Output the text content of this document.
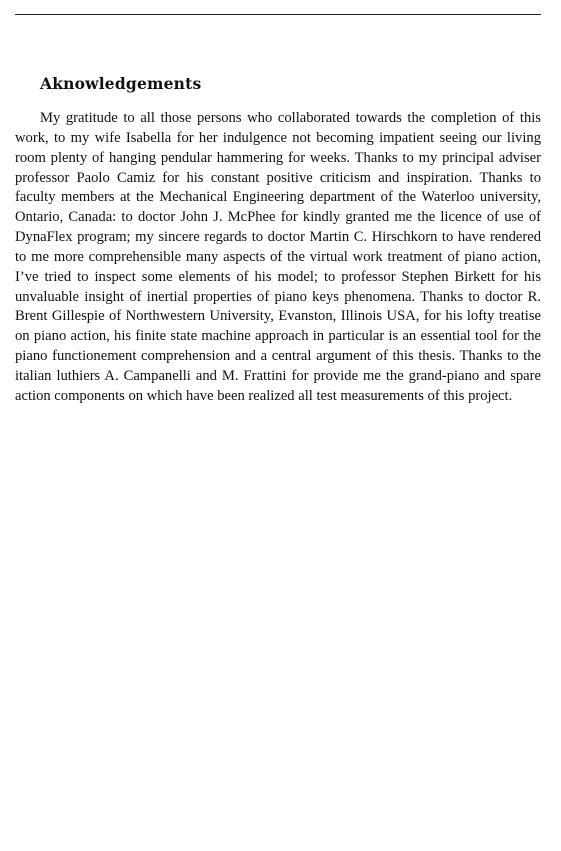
Aknowledgements

My gratitude to all those persons who collaborated towards the completion of this work, to my wife Isabella for her indulgence not becoming impatient seeing our living room plenty of hanging pendular hammering for weeks. Thanks to my principal adviser professor Paolo Camiz for his constant positive criticism and inspiration. Thanks to faculty members at the Mechanical Engineering department of the Waterloo university, Ontario, Canada: to doctor John J. McPhee for kindly granted me the licence of use of DynaFlex program; my sincere regards to doctor Martin C. Hirschkorn to have rendered to me more comprehensible many aspects of the virtual work treatment of piano action, I’ve tried to inspect some elements of his model; to professor Stephen Birkett for his unvaluable insight of inertial properties of piano keys phenomena. Thanks to doctor R. Brent Gillespie of Northwestern University, Evanston, Illinois USA, for his lofty treatise on piano action, his finite state machine approach in particular is an essential tool for the piano functionement comprehension and a central argument of this thesis. Thanks to the italian luthiers A. Campanelli and M. Frattini for provide me the grand-piano and spare action components on which have been realized all test measurements of this project.
